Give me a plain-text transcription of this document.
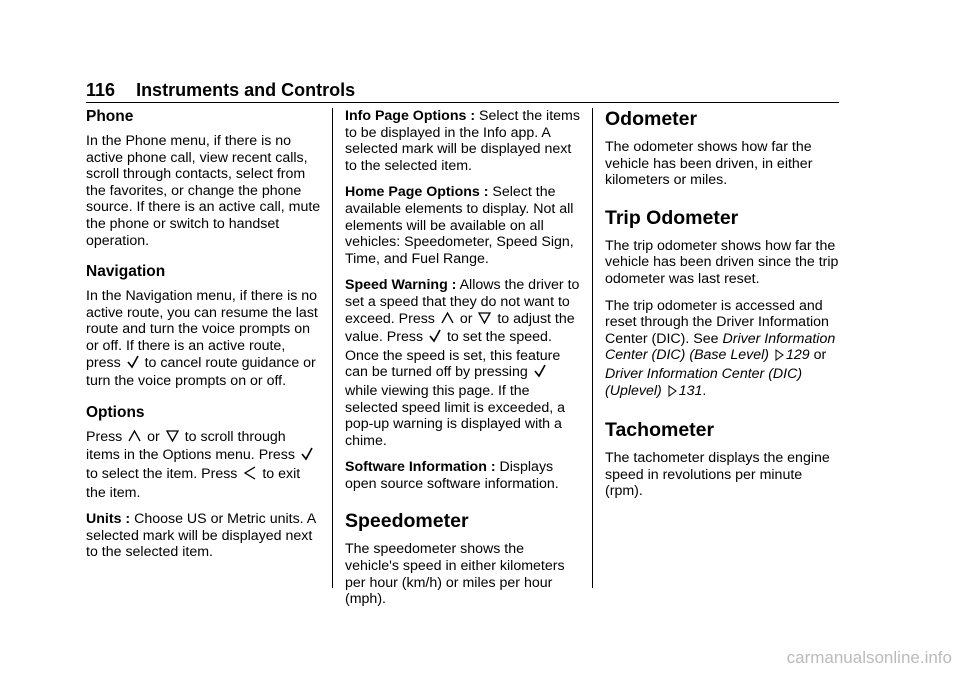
116 Instruments and Controls
Phone

In the Phone menu, if there is no active phone call, view recent calls, scroll through contacts, select from the favorites, or change the phone source. If there is an active call, mute the phone or switch to handset operation.

Navigation

In the Navigation menu, if there is no active route, you can resume the last route and turn the voice prompts on or off. If there is an active route, press to cancel route guidance or turn the voice prompts on or off.

Options

Press or to scroll through items in the Options menu. Press  to select the item. Press to exit the item.

Units : Choose US or Metric units. A selected mark will be displayed next to the selected item.

Info Page Options : Select the items to be displayed in the Info app. A selected mark will be displayed next to the selected item.

Home Page Options : Select the available elements to display. Not all elements will be available on all vehicles: Speedometer, Speed Sign, Time, and Fuel Range.

Speed Warning : Allows the driver to set a speed that they do not want to exceed. Press or to adjust the value. Press to set the speed. Once the speed is set, this feature can be turned off by pressing  while viewing this page. If the selected speed limit is exceeded, a pop-up warning is displayed with a chime.

Software Information : Displays open source software information.

Speedometer

The speedometer shows the vehicle's speed in either kilometers per hour (km/h) or miles per hour (mph).

Odometer

The odometer shows how far the vehicle has been driven, in either kilometers or miles.

Trip Odometer

The trip odometer shows how far the vehicle has been driven since the trip odometer was last reset.

The trip odometer is accessed and reset through the Driver Information Center (DIC). See Driver Information Center (DIC) (Base Level) 129 or Driver Information Center (DIC) (Uplevel) 131.

Tachometer

The tachometer displays the engine speed in revolutions per minute (rpm).

carmanualsonline.info
